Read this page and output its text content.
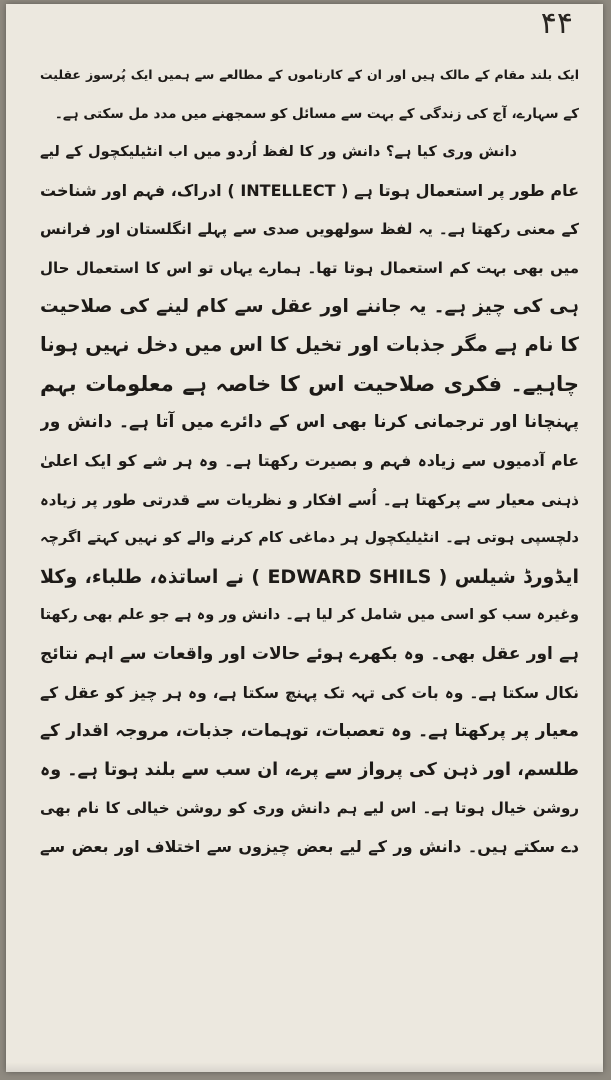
۴۴
ایک بلند مقام کے مالک ہیں اور ان کے کارناموں کے مطالعے سے ہمیں ایک پُرسوز عقلیت
کے سہارے، آج کی زندگی کے بہت سے مسائل کو سمجھنے میں مدد مل سکتی ہے۔
دانش وری کیا ہے؟ دانش ور کا لفظ اُردو میں اب انٹیلیکچول کے لیے
عام طور پر استعمال ہوتا ہے ( INTELLECT ) ادراک، فہم اور شناخت
کے معنی رکھتا ہے۔ یہ لفظ سولھویں صدی سے پہلے انگلستان اور فرانس
میں بھی بہت کم استعمال ہوتا تھا۔ ہمارے یہاں تو اس کا استعمال حال
ہی کی چیز ہے۔ یہ جاننے اور عقل سے کام لینے کی صلاحیت
کا نام ہے مگر جذبات اور تخیل کا اس میں دخل نہیں ہونا
چاہیے۔ فکری صلاحیت اس کا خاصہ ہے معلومات بہم
پہنچانا اور ترجمانی کرنا بھی اس کے دائرے میں آتا ہے۔ دانش ور
عام آدمیوں سے زیادہ فہم و بصیرت رکھتا ہے۔ وہ ہر شے کو ایک اعلیٰ
ذہنی معیار سے پرکھتا ہے۔ اُسے افکار و نظریات سے قدرتی طور پر زیادہ
دلچسپی ہوتی ہے۔ انٹیلیکچول ہر دماغی کام کرنے والے کو نہیں کہتے اگرچہ
ایڈورڈ شیلس ( EDWARD SHILS ) نے اساتذہ، طلباء، وکلا
وغیرہ سب کو اسی میں شامل کر لیا ہے۔ دانش ور وہ ہے جو علم بھی رکھتا
ہے اور عقل بھی۔ وہ بکھرے ہوئے حالات اور واقعات سے اہم نتائج
نکال سکتا ہے۔ وہ بات کی تہہ تک پہنچ سکتا ہے، وہ ہر چیز کو عقل کے
معیار پر پرکھتا ہے۔ وہ تعصبات، توہمات، جذبات، مروجہ اقدار کے
طلسم، اور ذہن کی پرواز سے پرے، ان سب سے بلند ہوتا ہے۔ وہ
روشن خیال ہوتا ہے۔ اس لیے ہم دانش وری کو روشن خیالی کا نام بھی
دے سکتے ہیں۔ دانش ور کے لیے بعض چیزوں سے اختلاف اور بعض سے
